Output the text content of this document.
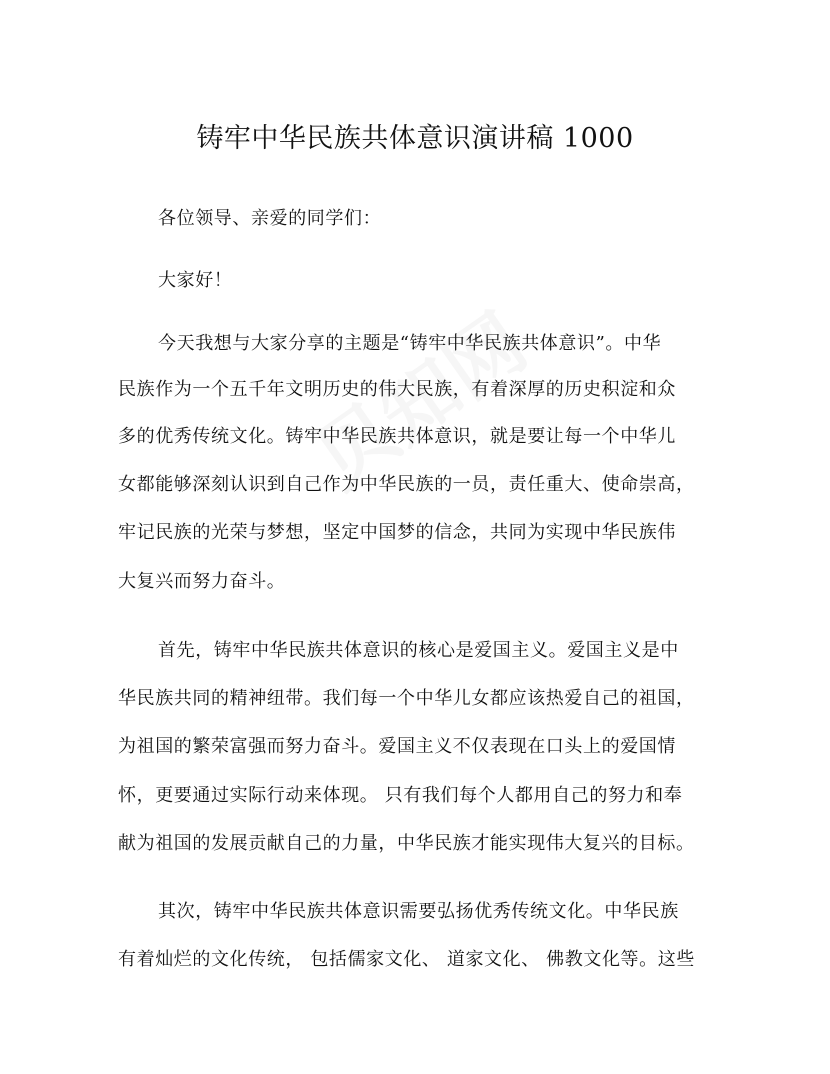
铸牢中华民族共体意识演讲稿 1000
各位领导、亲爱的同学们：
大家好！
今天我想与大家分享的主题是“铸牢中华民族共体意识”。中华
民族作为一个五千年文明历史的伟大民族，有着深厚的历史积淀和众
多的优秀传统文化。铸牢中华民族共体意识，就是要让每一个中华儿
女都能够深刻认识到自己作为中华民族的一员，责任重大、使命崇高，
牢记民族的光荣与梦想，坚定中国梦的信念，共同为实现中华民族伟
大复兴而努力奋斗。
首先，铸牢中华民族共体意识的核心是爱国主义。爱国主义是中
华民族共同的精神纽带。我们每一个中华儿女都应该热爱自己的祖国，
为祖国的繁荣富强而努力奋斗。爱国主义不仅表现在口头上的爱国情
怀，更要通过实际行动来体现。 只有我们每个人都用自己的努力和奉
献为祖国的发展贡献自己的力量，中华民族才能实现伟大复兴的目标。
其次，铸牢中华民族共体意识需要弘扬优秀传统文化。中华民族
有着灿烂的文化传统， 包括儒家文化、 道家文化、 佛教文化等。这些
